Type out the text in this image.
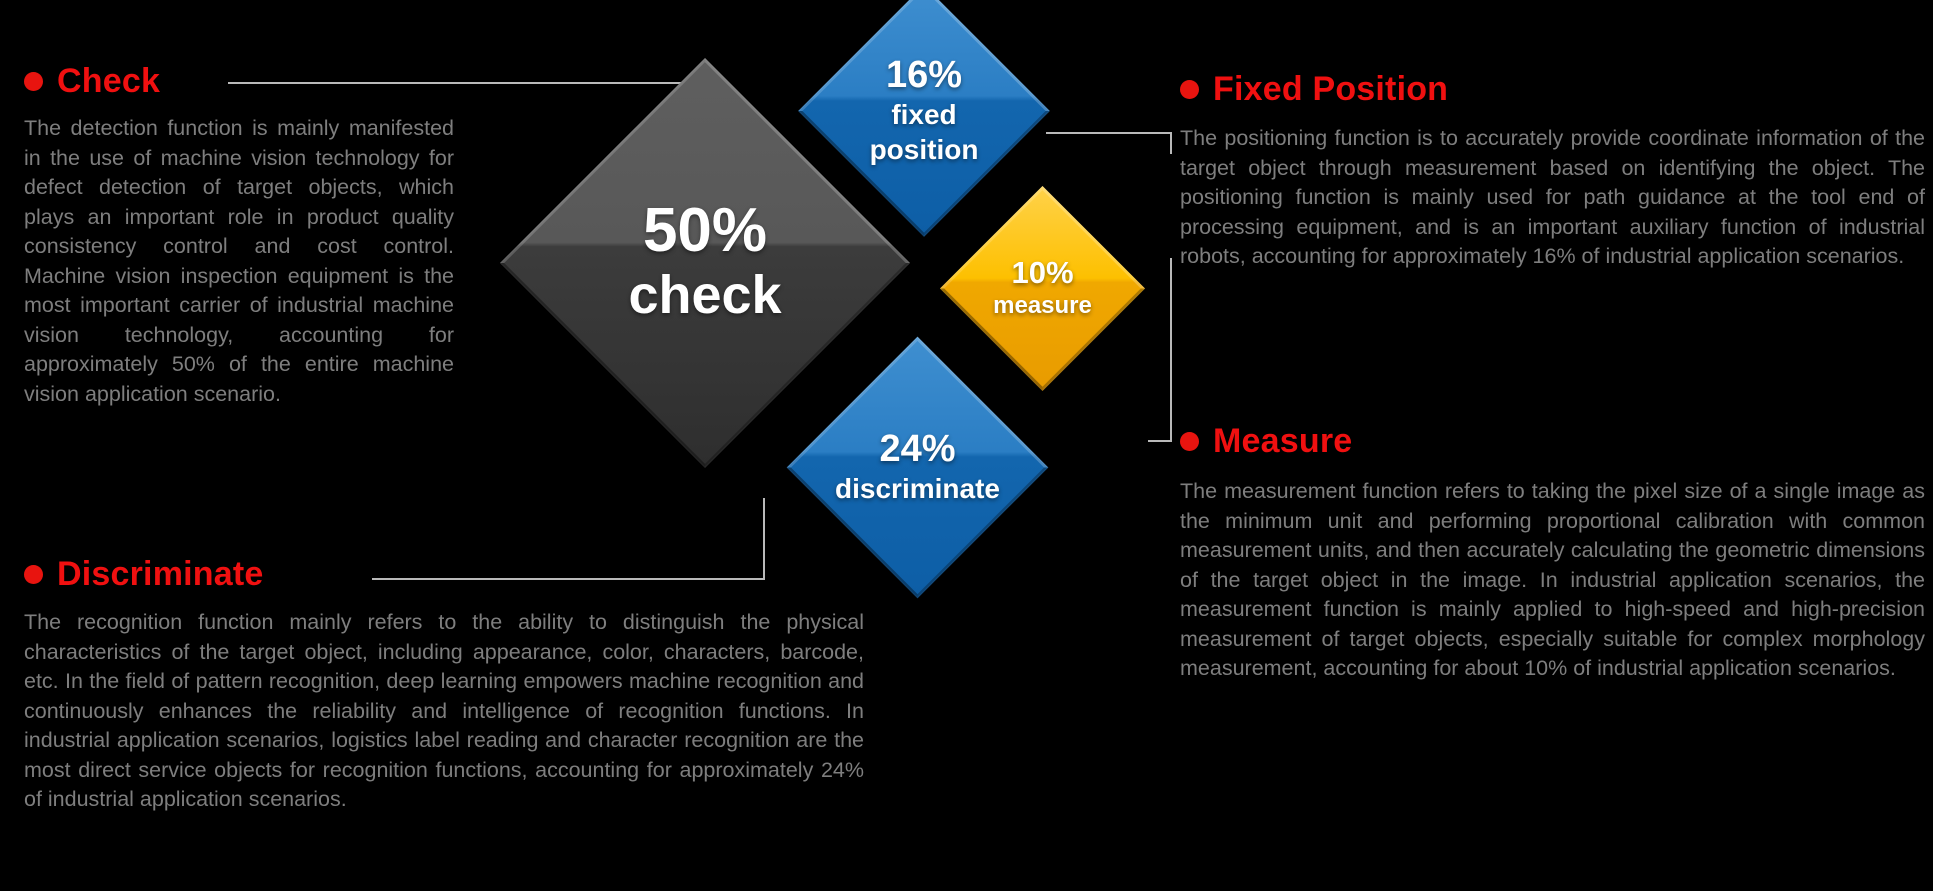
50%
check
16%
fixed
position
10%
measure
24%
discriminate
Check
The detection function is mainly manifested in the use of machine vision technology for defect detection of target objects, which plays an important role in product quality consistency control and cost control. Machine vision inspection equipment is the most important carrier of industrial machine vision technology, accounting for approximately 50% of the entire machine vision application scenario.
Discriminate
The recognition function mainly refers to the ability to distinguish the physical characteristics of the target object, including appearance, color, characters, barcode, etc. In the field of pattern recognition, deep learning empowers machine recognition and continuously enhances the reliability and intelligence of recognition functions. In industrial application scenarios, logistics label reading and character recognition are the most direct service objects for recognition functions, accounting for approximately 24% of industrial application scenarios.
Fixed Position
The positioning function is to accurately provide coordinate information of the target object through measurement based on identifying the object. The positioning function is mainly used for path guidance at the tool end of processing equipment, and is an important auxiliary function of industrial robots, accounting for approximately 16% of industrial application scenarios.
Measure
The measurement function refers to taking the pixel size of a single image as the minimum unit and performing proportional calibration with common measurement units, and then accurately calculating the geometric dimensions of the target object in the image. In industrial application scenarios, the measurement function is mainly applied to high-speed and high-precision measurement of target objects, especially suitable for complex morphology measurement, accounting for about 10% of industrial application scenarios.
